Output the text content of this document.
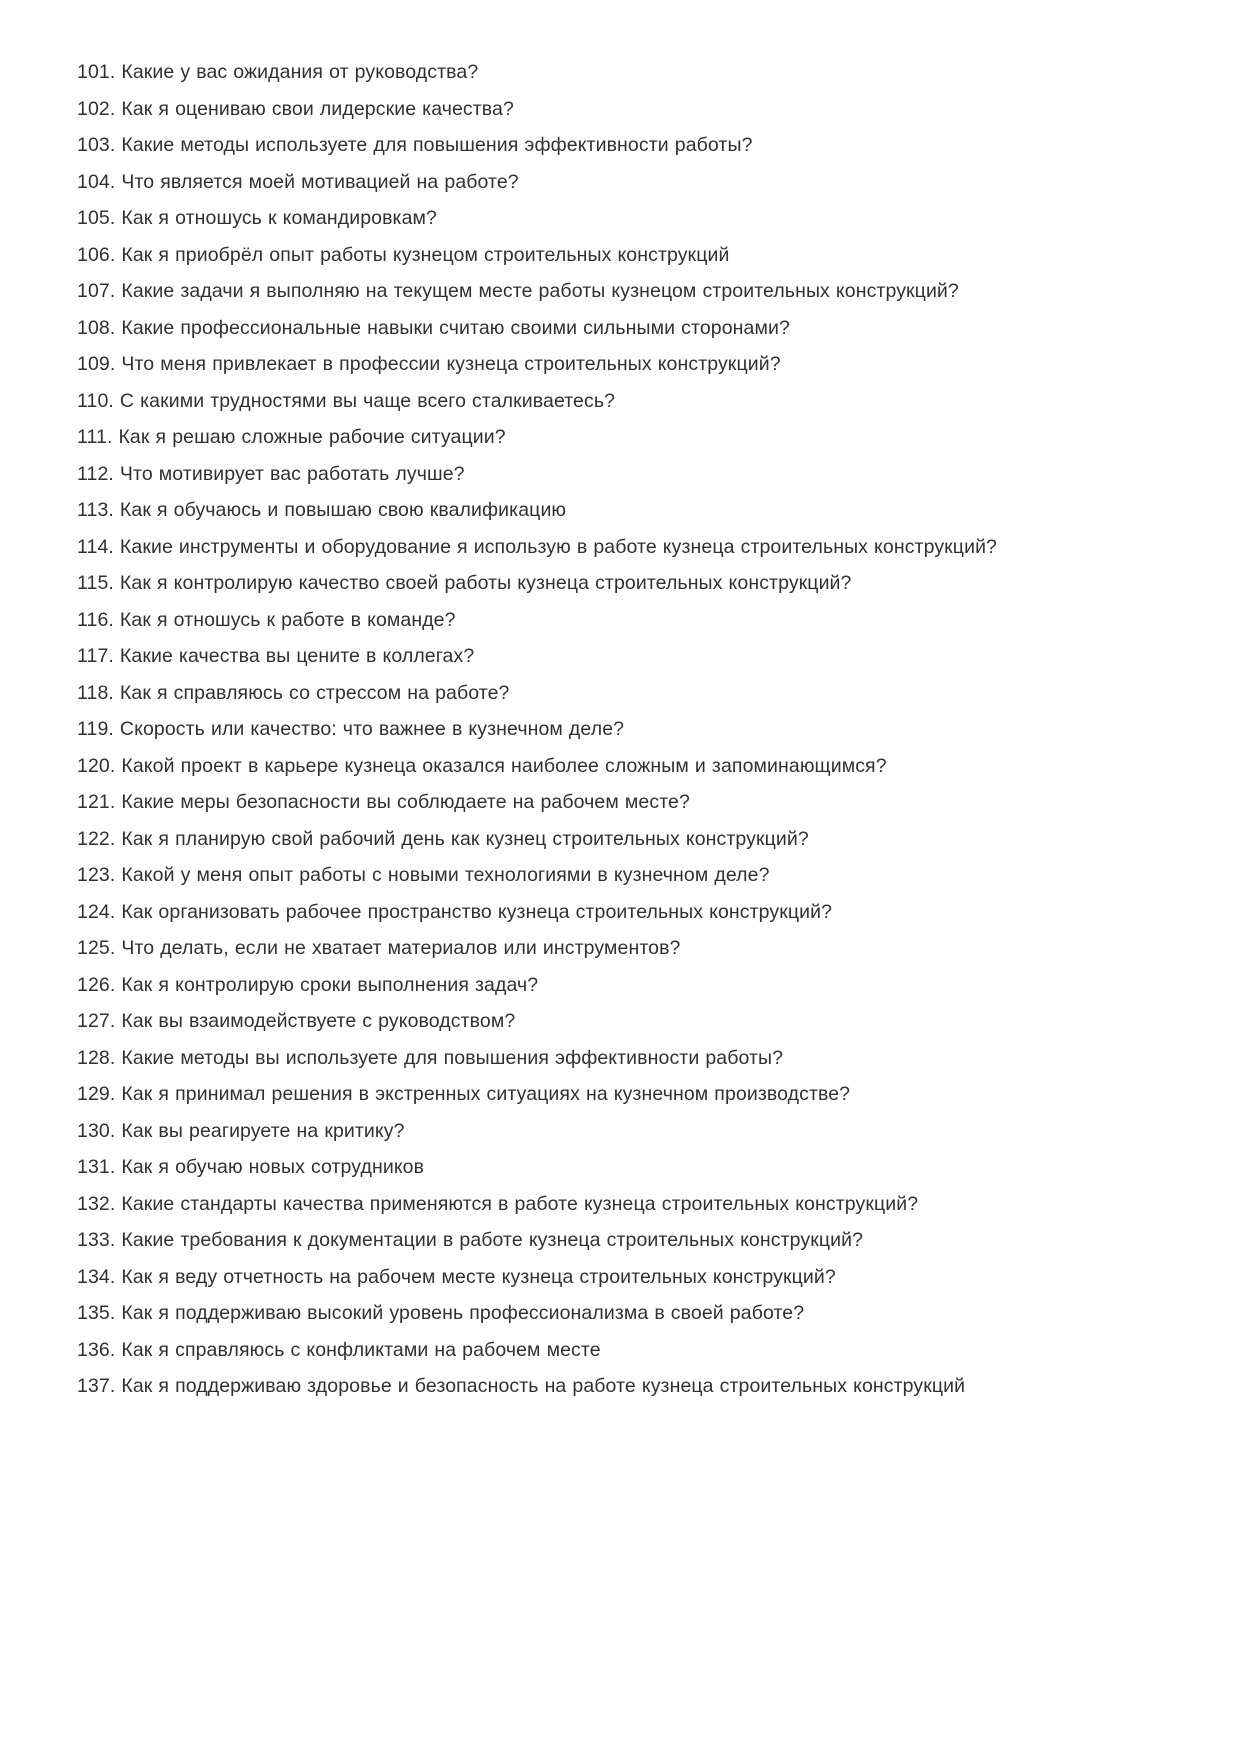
101. Какие у вас ожидания от руководства?

102. Как я оцениваю свои лидерские качества?

103. Какие методы используете для повышения эффективности работы?

104. Что является моей мотивацией на работе?

105. Как я отношусь к командировкам?

106. Как я приобрёл опыт работы кузнецом строительных конструкций

107. Какие задачи я выполняю на текущем месте работы кузнецом строительных конструкций?

108. Какие профессиональные навыки считаю своими сильными сторонами?

109. Что меня привлекает в профессии кузнеца строительных конструкций?

110. С какими трудностями вы чаще всего сталкиваетесь?

111. Как я решаю сложные рабочие ситуации?

112. Что мотивирует вас работать лучше?

113. Как я обучаюсь и повышаю свою квалификацию

114. Какие инструменты и оборудование я использую в работе кузнеца строительных конструкций?

115. Как я контролирую качество своей работы кузнеца строительных конструкций?

116. Как я отношусь к работе в команде?

117. Какие качества вы цените в коллегах?

118. Как я справляюсь со стрессом на работе?

119. Скорость или качество: что важнее в кузнечном деле?

120. Какой проект в карьере кузнеца оказался наиболее сложным и запоминающимся?

121. Какие меры безопасности вы соблюдаете на рабочем месте?

122. Как я планирую свой рабочий день как кузнец строительных конструкций?

123. Какой у меня опыт работы с новыми технологиями в кузнечном деле?

124. Как организовать рабочее пространство кузнеца строительных конструкций?

125. Что делать, если не хватает материалов или инструментов?

126. Как я контролирую сроки выполнения задач?

127. Как вы взаимодействуете с руководством?

128. Какие методы вы используете для повышения эффективности работы?

129. Как я принимал решения в экстренных ситуациях на кузнечном производстве?

130. Как вы реагируете на критику?

131. Как я обучаю новых сотрудников

132. Какие стандарты качества применяются в работе кузнеца строительных конструкций?

133. Какие требования к документации в работе кузнеца строительных конструкций?

134. Как я веду отчетность на рабочем месте кузнеца строительных конструкций?

135. Как я поддерживаю высокий уровень профессионализма в своей работе?

136. Как я справляюсь с конфликтами на рабочем месте

137. Как я поддерживаю здоровье и безопасность на работе кузнеца строительных конструкций
